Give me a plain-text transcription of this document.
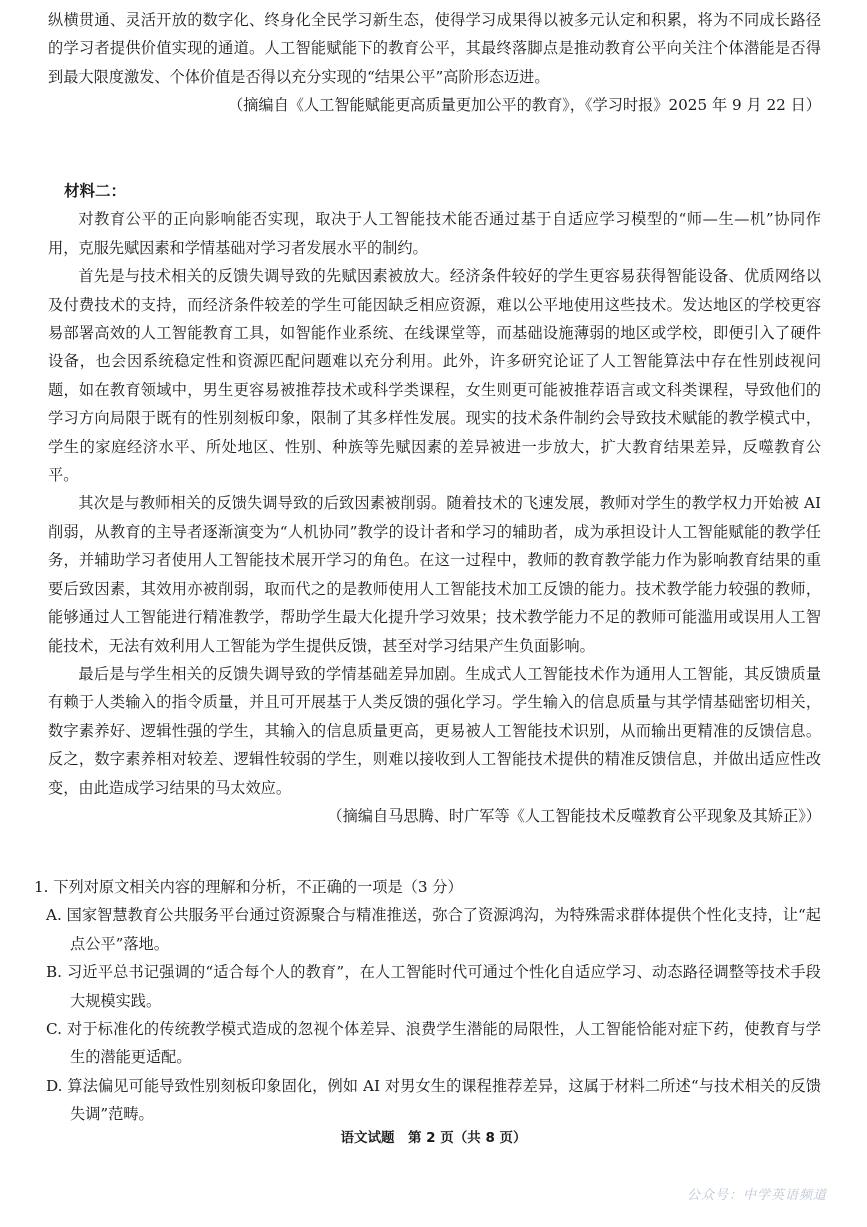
纵横贯通、灵活开放的数字化、终身化全民学习新生态，使得学习成果得以被多元认定和积累，将为不同成长路径的学习者提供价值实现的通道。人工智能赋能下的教育公平，其最终落脚点是推动教育公平向关注个体潜能是否得到最大限度激发、个体价值是否得以充分实现的“结果公平”高阶形态迈进。

（摘编自《人工智能赋能更高质量更加公平的教育》，《学习时报》2025 年 9 月 22 日）

材料二：

对教育公平的正向影响能否实现，取决于人工智能技术能否通过基于自适应学习模型的“师—生—机”协同作用，克服先赋因素和学情基础对学习者发展水平的制约。

首先是与技术相关的反馈失调导致的先赋因素被放大。经济条件较好的学生更容易获得智能设备、优质网络以及付费技术的支持，而经济条件较差的学生可能因缺乏相应资源，难以公平地使用这些技术。发达地区的学校更容易部署高效的人工智能教育工具，如智能作业系统、在线课堂等，而基础设施薄弱的地区或学校，即便引入了硬件设备，也会因系统稳定性和资源匹配问题难以充分利用。此外，许多研究论证了人工智能算法中存在性别歧视问题，如在教育领域中，男生更容易被推荐技术或科学类课程，女生则更可能被推荐语言或文科类课程，导致他们的学习方向局限于既有的性别刻板印象，限制了其多样性发展。现实的技术条件制约会导致技术赋能的教学模式中，学生的家庭经济水平、所处地区、性别、种族等先赋因素的差异被进一步放大，扩大教育结果差异，反噬教育公平。

其次是与教师相关的反馈失调导致的后致因素被削弱。随着技术的飞速发展，教师对学生的教学权力开始被 AI 削弱，从教育的主导者逐渐演变为“人机协同”教学的设计者和学习的辅助者，成为承担设计人工智能赋能的教学任务，并辅助学习者使用人工智能技术展开学习的角色。在这一过程中，教师的教育教学能力作为影响教育结果的重要后致因素，其效用亦被削弱，取而代之的是教师使用人工智能技术加工反馈的能力。技术教学能力较强的教师，能够通过人工智能进行精准教学，帮助学生最大化提升学习效果；技术教学能力不足的教师可能滥用或误用人工智能技术，无法有效利用人工智能为学生提供反馈，甚至对学习结果产生负面影响。

最后是与学生相关的反馈失调导致的学情基础差异加剧。生成式人工智能技术作为通用人工智能，其反馈质量有赖于人类输入的指令质量，并且可开展基于人类反馈的强化学习。学生输入的信息质量与其学情基础密切相关，数字素养好、逻辑性强的学生，其输入的信息质量更高，更易被人工智能技术识别，从而输出更精准的反馈信息。反之，数字素养相对较差、逻辑性较弱的学生，则难以接收到人工智能技术提供的精准反馈信息，并做出适应性改变，由此造成学习结果的马太效应。

（摘编自马思腾、时广军等《人工智能技术反噬教育公平现象及其矫正》）

1. 下列对原文相关内容的理解和分析，不正确的一项是（3 分）

A. 国家智慧教育公共服务平台通过资源聚合与精准推送，弥合了资源鸿沟，为特殊需求群体提供个性化支持，让“起点公平”落地。

B. 习近平总书记强调的“适合每个人的教育”，在人工智能时代可通过个性化自适应学习、动态路径调整等技术手段大规模实践。

C. 对于标准化的传统教学模式造成的忽视个体差异、浪费学生潜能的局限性，人工智能恰能对症下药，使教育与学生的潜能更适配。

D. 算法偏见可能导致性别刻板印象固化，例如 AI 对男女生的课程推荐差异，这属于材料二所述“与技术相关的反馈失调”范畴。

语文试题　第 2 页（共 8 页）
公众号：中学英语频道
